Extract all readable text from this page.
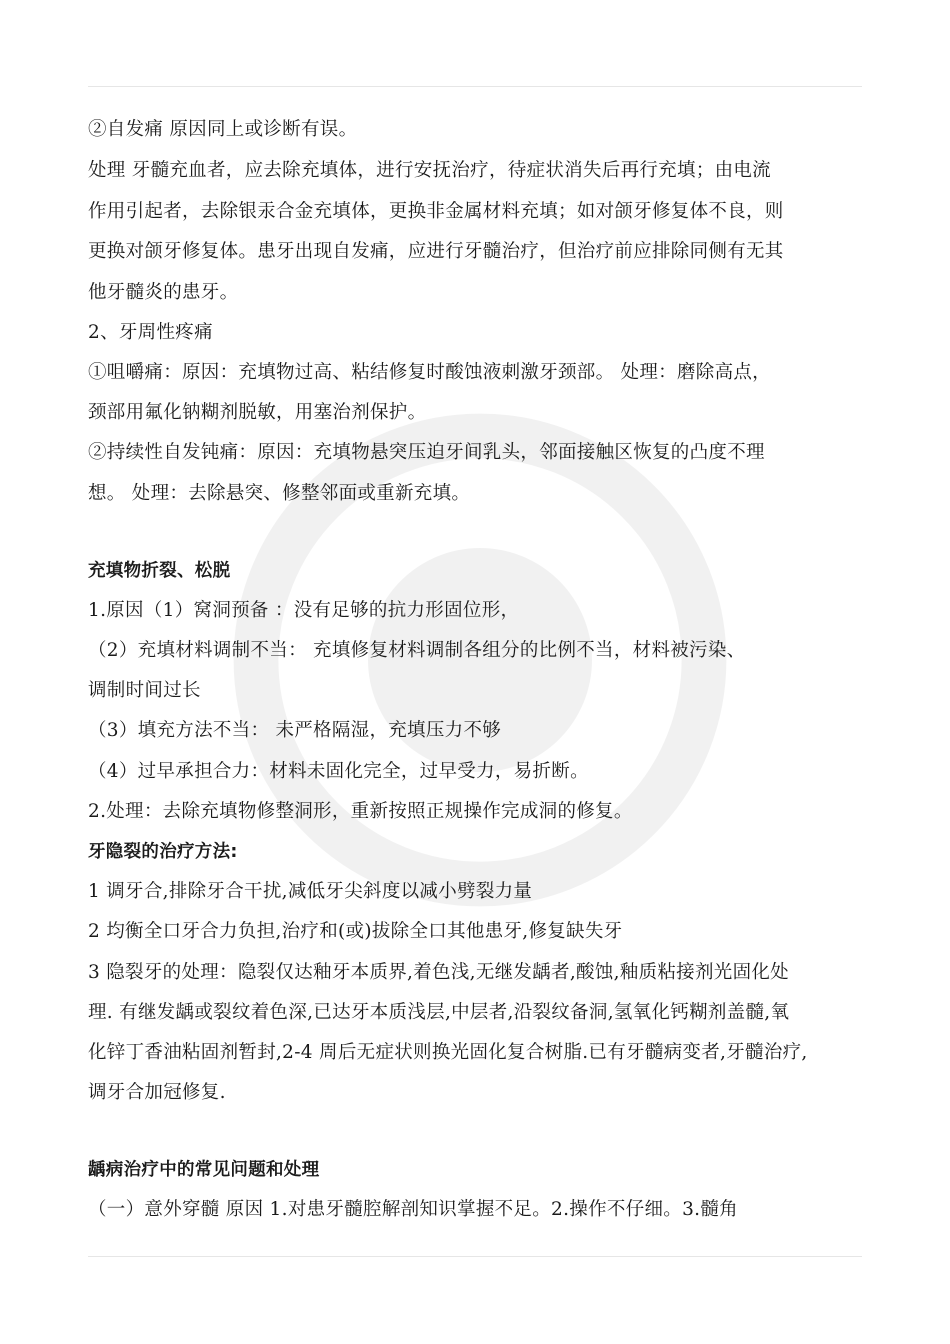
②自发痛 原因同上或诊断有误。
处理 牙髓充血者，应去除充填体，进行安抚治疗，待症状消失后再行充填；由电流
作用引起者，去除银汞合金充填体，更换非金属材料充填；如对颌牙修复体不良，则
更换对颌牙修复体。患牙出现自发痛，应进行牙髓治疗，但治疗前应排除同侧有无其
他牙髓炎的患牙。
2、牙周性疼痛
①咀嚼痛：原因：充填物过高、粘结修复时酸蚀液刺激牙颈部。 处理：磨除高点，
颈部用氟化钠糊剂脱敏，用塞治剂保护。
②持续性自发钝痛：原因：充填物悬突压迫牙间乳头，邻面接触区恢复的凸度不理
想。 处理：去除悬突、修整邻面或重新充填。
充填物折裂、松脱
1.原因（1）窝洞预备 ：没有足够的抗力形固位形，
（2）充填材料调制不当： 充填修复材料调制各组分的比例不当，材料被污染、
调制时间过长
（3）填充方法不当： 未严格隔湿，充填压力不够
（4）过早承担合力：材料未固化完全，过早受力，易折断。
2.处理：去除充填物修整洞形，重新按照正规操作完成洞的修复。
牙隐裂的治疗方法:
1 调牙合,排除牙合干扰,减低牙尖斜度以减小劈裂力量
2 均衡全口牙合力负担,治疗和(或)拔除全口其他患牙,修复缺失牙
3 隐裂牙的处理：隐裂仅达釉牙本质界,着色浅,无继发龋者,酸蚀,釉质粘接剂光固化处
理. 有继发龋或裂纹着色深,已达牙本质浅层,中层者,沿裂纹备洞,氢氧化钙糊剂盖髓,氧
化锌丁香油粘固剂暂封,2-4 周后无症状则换光固化复合树脂.已有牙髓病变者,牙髓治疗,
调牙合加冠修复.
龋病治疗中的常见问题和处理
（一）意外穿髓 原因 1.对患牙髓腔解剖知识掌握不足。2.操作不仔细。3.髓角
